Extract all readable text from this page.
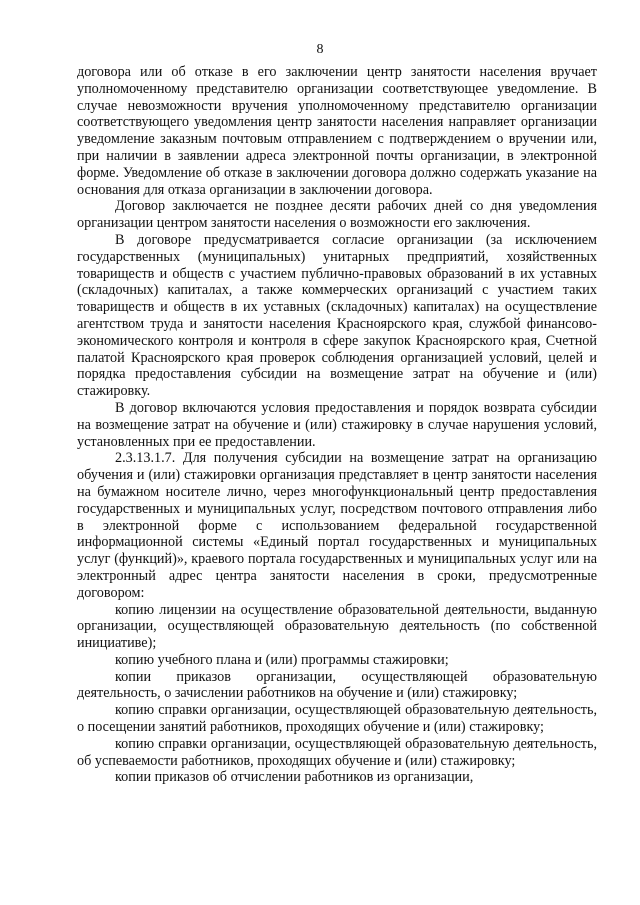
8

договора или об отказе в его заключении центр занятости населения вручает уполномоченному представителю организации соответствующее уведомление. В случае невозможности вручения уполномоченному представителю организации соответствующего уведомления центр занятости населения направляет организации уведомление заказным почтовым отправлением с подтверждением о вручении или, при наличии в заявлении адреса электронной почты организации, в электронной форме. Уведомление об отказе в заключении договора должно содержать указание на основания для отказа организации в заключении договора.

Договор заключается не позднее десяти рабочих дней со дня уведомления организации центром занятости населения о возможности его заключения.

В договоре предусматривается согласие организации (за исключением государственных (муниципальных) унитарных предприятий, хозяйственных товариществ и обществ с участием публично-правовых образований в их уставных (складочных) капиталах, а также коммерческих организаций с участием таких товариществ и обществ в их уставных (складочных) капиталах) на осуществление агентством труда и занятости населения Красноярского края, службой финансово-экономического контроля и контроля в сфере закупок Красноярского края, Счетной палатой Красноярского края проверок соблюдения организацией условий, целей и порядка предоставления субсидии на возмещение затрат на обучение и (или) стажировку.

В договор включаются условия предоставления и порядок возврата субсидии на возмещение затрат на обучение и (или) стажировку в случае нарушения условий, установленных при ее предоставлении.

2.3.13.1.7. Для получения субсидии на возмещение затрат на организацию обучения и (или) стажировки организация представляет в центр занятости населения на бумажном носителе лично, через многофункциональный центр предоставления государственных и муниципальных услуг, посредством почтового отправления либо в электронной форме с использованием федеральной государственной информационной системы «Единый портал государственных и муниципальных услуг (функций)», краевого портала государственных и муниципальных услуг или на электронный адрес центра занятости населения в сроки, предусмотренные договором:

копию лицензии на осуществление образовательной деятельности, выданную организации, осуществляющей образовательную деятельность (по собственной инициативе);

копию учебного плана и (или) программы стажировки;

копии приказов организации, осуществляющей образовательную деятельность, о зачислении работников на обучение и (или) стажировку;

копию справки организации, осуществляющей образовательную деятельность, о посещении занятий работников, проходящих обучение и (или) стажировку;

копию справки организации, осуществляющей образовательную деятельность, об успеваемости работников, проходящих обучение и (или) стажировку;

копии приказов об отчислении работников из организации,
